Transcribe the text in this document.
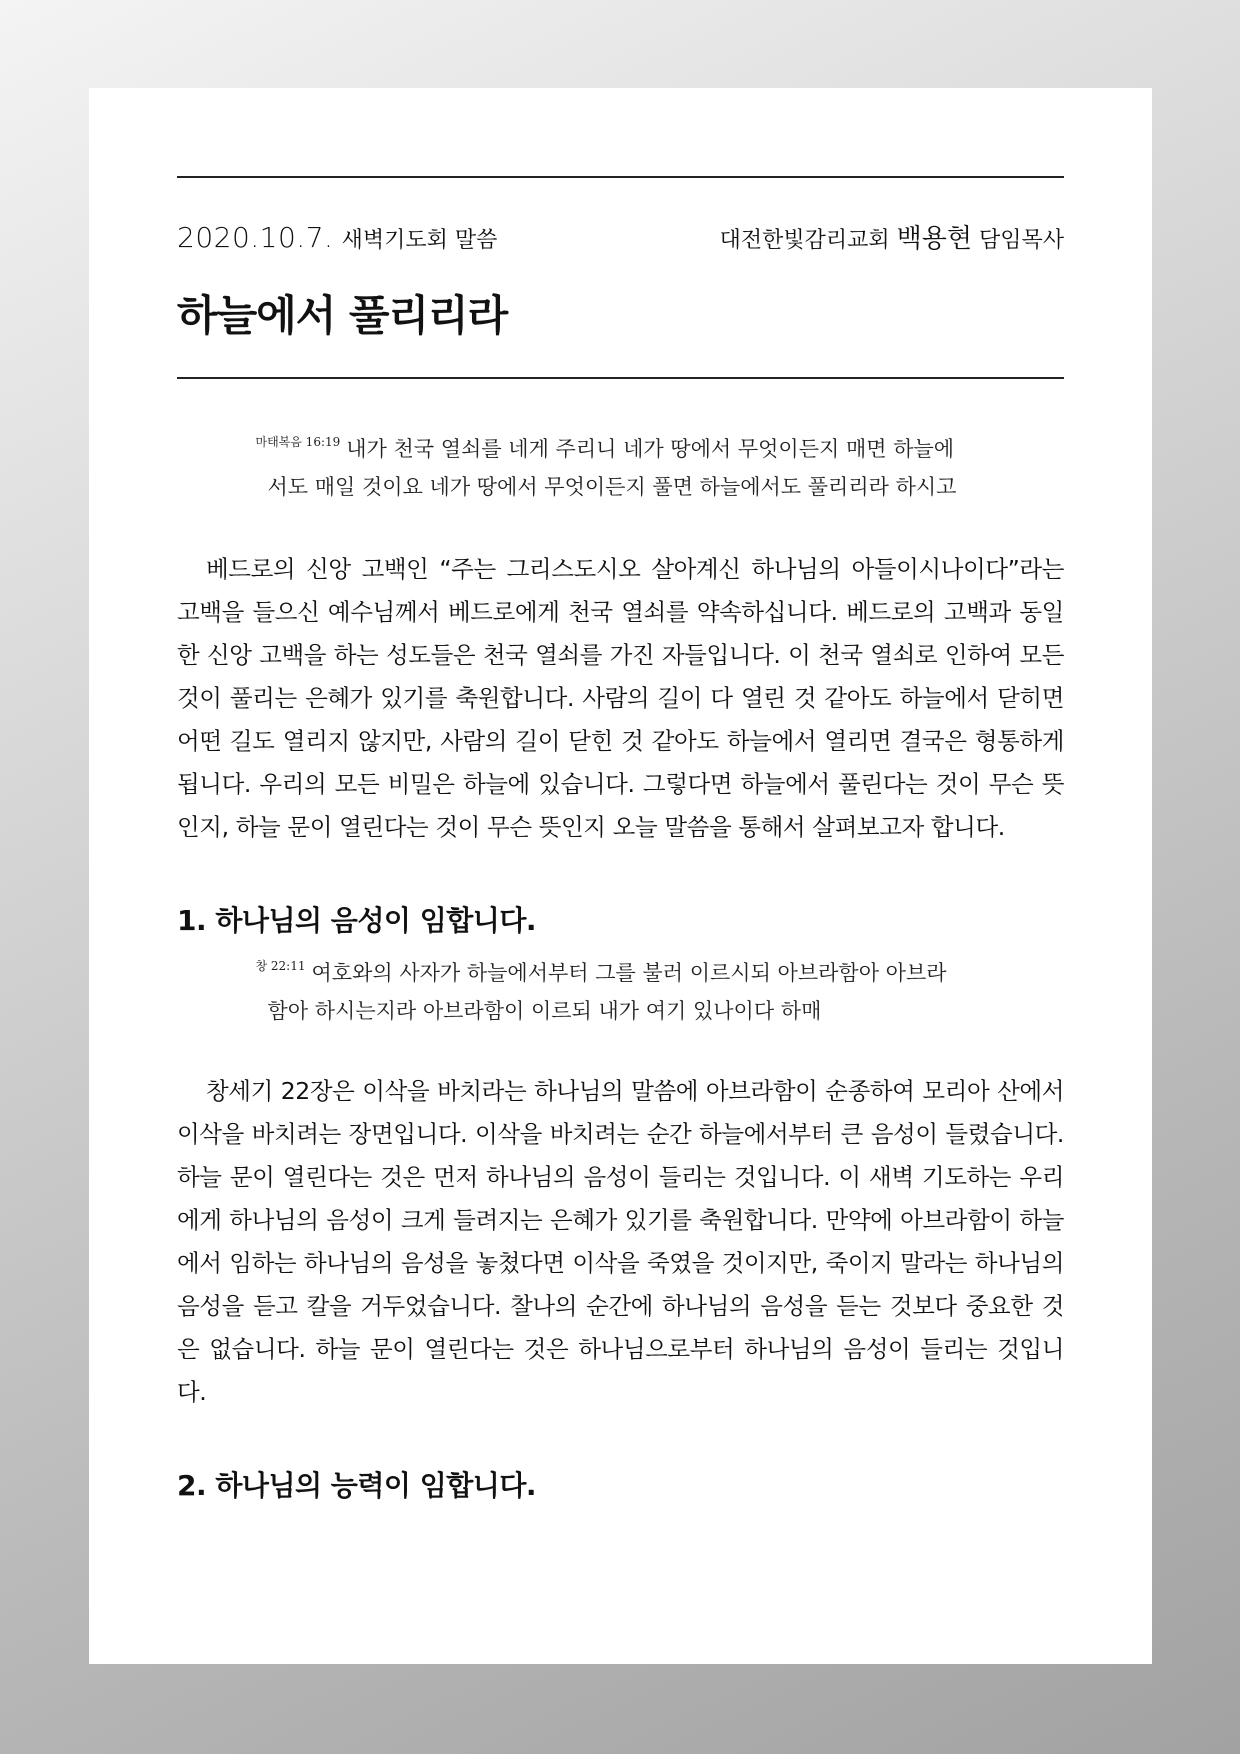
2020.10.7. 새벽기도회 말씀	대전한빛감리교회 백용현 담임목사
하늘에서 풀리리라
$^{마태복음 16:19}$ 내가 천국 열쇠를 네게 주리니 네가 땅에서 무엇이든지 매면 하늘에
서도 매일 것이요 네가 땅에서 무엇이든지 풀면 하늘에서도 풀리리라 하시고

베드로의 신앙 고백인 “주는 그리스도시오 살아계신 하나님의 아들이시나이다”라는 고백을 들으신 예수님께서 베드로에게 천국 열쇠를 약속하십니다. 베드로의 고백과 동일한 신앙 고백을 하는 성도들은 천국 열쇠를 가진 자들입니다. 이 천국 열쇠로 인하여 모든 것이 풀리는 은혜가 있기를 축원합니다. 사람의 길이 다 열린 것 같아도 하늘에서 닫히면 어떤 길도 열리지 않지만, 사람의 길이 닫힌 것 같아도 하늘에서 열리면 결국은 형통하게 됩니다. 우리의 모든 비밀은 하늘에 있습니다. 그렇다면 하늘에서 풀린다는 것이 무슨 뜻인지, 하늘 문이 열린다는 것이 무슨 뜻인지 오늘 말씀을 통해서 살펴보고자 합니다.

1. 하나님의 음성이 임합니다.
$^{창 22:11}$ 여호와의 사자가 하늘에서부터 그를 불러 이르시되 아브라함아 아브라
함아 하시는지라 아브라함이 이르되 내가 여기 있나이다 하매

창세기 22장은 이삭을 바치라는 하나님의 말씀에 아브라함이 순종하여 모리아 산에서 이삭을 바치려는 장면입니다. 이삭을 바치려는 순간 하늘에서부터 큰 음성이 들렸습니다. 하늘 문이 열린다는 것은 먼저 하나님의 음성이 들리는 것입니다. 이 새벽 기도하는 우리에게 하나님의 음성이 크게 들려지는 은혜가 있기를 축원합니다. 만약에 아브라함이 하늘에서 임하는 하나님의 음성을 놓쳤다면 이삭을 죽였을 것이지만, 죽이지 말라는 하나님의 음성을 듣고 칼을 거두었습니다. 찰나의 순간에 하나님의 음성을 듣는 것보다 중요한 것은 없습니다. 하늘 문이 열린다는 것은 하나님으로부터 하나님의 음성이 들리는 것입니다.

2. 하나님의 능력이 임합니다.
